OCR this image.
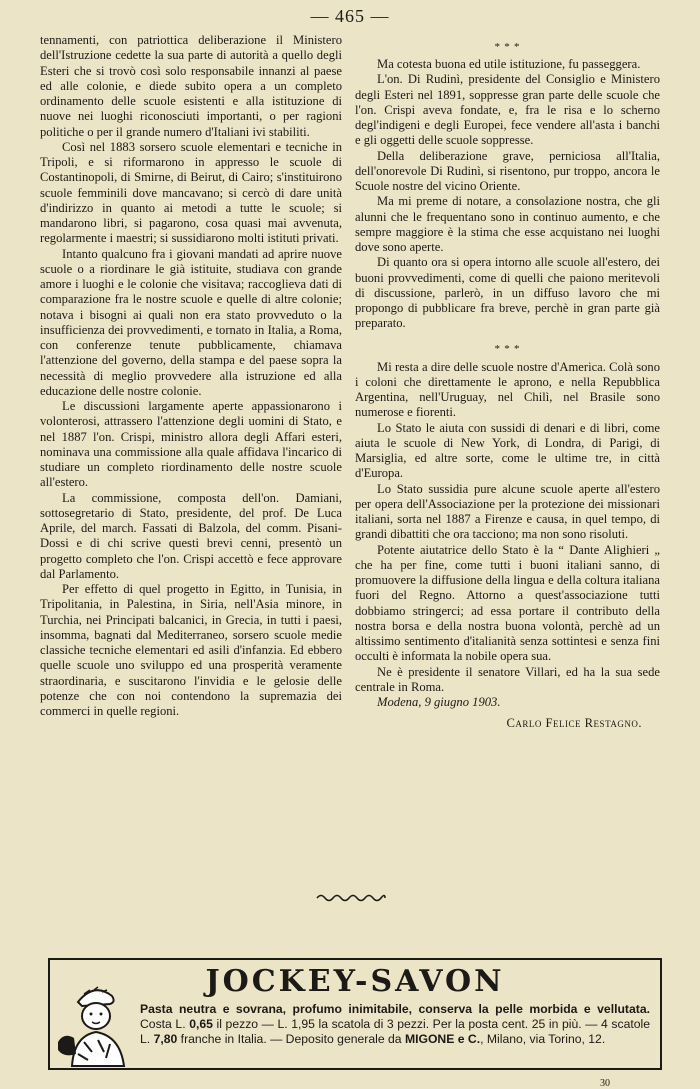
— 465 —

tennamenti, con patriottica deliberazione il Ministero dell'Istruzione cedette la sua parte di autorità a quello degli Esteri che si trovò così solo responsabile innanzi al paese ed alle colonie, e diede subito opera a un completo ordinamento delle scuole esistenti e alla istituzione di nuove nei luoghi riconosciuti importanti, o per ragioni politiche o per il grande numero d'Italiani ivi stabiliti.

Così nel 1883 sorsero scuole elementari e tecniche in Tripoli, e si riformarono in appresso le scuole di Costantinopoli, di Smirne, di Beirut, di Cairo; s'instituirono scuole femminili dove mancavano; si cercò di dare unità d'indirizzo in quanto ai metodi a tutte le scuole; si mandarono libri, si pagarono, cosa quasi mai avvenuta, regolarmente i maestri; si sussidiarono molti istituti privati.

Intanto qualcuno fra i giovani mandati ad aprire nuove scuole o a riordinare le già istituite, studiava con grande amore i luoghi e le colonie che visitava; raccoglieva dati di comparazione fra le nostre scuole e quelle di altre colonie; notava i bisogni ai quali non era stato provveduto o la insufficienza dei provvedimenti, e tornato in Italia, a Roma, con conferenze tenute pubblicamente, chiamava l'attenzione del governo, della stampa e del paese sopra la necessità di meglio provvedere alla istruzione ed alla educazione delle nostre colonie.

Le discussioni largamente aperte appassionarono i volonterosi, attrassero l'attenzione degli uomini di Stato, e nel 1887 l'on. Crispi, ministro allora degli Affari esteri, nominava una commissione alla quale affidava l'incarico di studiare un completo riordinamento delle nostre scuole all'estero.

La commissione, composta dell'on. Damiani, sottosegretario di Stato, presidente, del prof. De Luca Aprile, del march. Fassati di Balzola, del comm. Pisani-Dossi e di chi scrive questi brevi cenni, presentò un progetto completo che l'on. Crispi accettò e fece approvare dal Parlamento.

Per effetto di quel progetto in Egitto, in Tunisia, in Tripolitania, in Palestina, in Siria, nell'Asia minore, in Turchia, nei Principati balcanici, in Grecia, in tutti i paesi, insomma, bagnati dal Mediterraneo, sorsero scuole medie classiche tecniche elementari ed asili d'infanzia. Ed ebbero quelle scuole uno sviluppo ed una prosperità veramente straordinaria, e suscitarono l'invidia e le gelosie delle potenze che con noi contendono la supremazia dei commerci in quelle regioni.

* * *

Ma cotesta buona ed utile istituzione, fu passeggera.

L'on. Di Rudinì, presidente del Consiglio e Ministero degli Esteri nel 1891, soppresse gran parte delle scuole che l'on. Crispi aveva fondate, e, fra le risa e lo scherno degl'indigeni e degli Europei, fece vendere all'asta i banchi e gli oggetti delle scuole soppresse.

Della deliberazione grave, perniciosa all'Italia, dell'onorevole Di Rudinì, si risentono, pur troppo, ancora le Scuole nostre del vicino Oriente.

Ma mi preme di notare, a consolazione nostra, che gli alunni che le frequentano sono in continuo aumento, e che sempre maggiore è la stima che esse acquistano nei luoghi dove sono aperte.

Di quanto ora si opera intorno alle scuole all'estero, dei buoni provvedimenti, come di quelli che paiono meritevoli di discussione, parlerò, in un diffuso lavoro che mi propongo di pubblicare fra breve, perchè in gran parte già preparato.

* * *

Mi resta a dire delle scuole nostre d'America. Colà sono i coloni che direttamente le aprono, e nella Repubblica Argentina, nell'Uruguay, nel Chilì, nel Brasile sono numerose e fiorenti.

Lo Stato le aiuta con sussidi di denari e di libri, come aiuta le scuole di New York, di Londra, di Parigi, di Marsiglia, ed altre sorte, come le ultime tre, in città d'Europa.

Lo Stato sussidia pure alcune scuole aperte all'estero per opera dell'Associazione per la protezione dei missionari italiani, sorta nel 1887 a Firenze e causa, in quel tempo, di grandi dibattiti che ora tacciono; ma non sono risoluti.

Potente aiutatrice dello Stato è la “ Dante Alighieri „ che ha per fine, come tutti i buoni italiani sanno, di promuovere la diffusione della lingua e della coltura italiana fuori del Regno. Attorno a quest'associazione tutti dobbiamo stringerci; ad essa portare il contributo della nostra borsa e della nostra buona volontà, perchè ad un altissimo sentimento d'italianità senza sottintesi e senza fini occulti è informata la nobile opera sua.

Ne è presidente il senatore Villari, ed ha la sua sede centrale in Roma.

Modena, 9 giugno 1903.

Carlo Felice Restagno.
JOCKEY-SAVON
Pasta neutra e sovrana, profumo inimitabile, conserva la pelle morbida e vellutata. Costa L. 0,65 il pezzo — L. 1,95 la scatola di 3 pezzi. Per la posta cent. 25 in più. — 4 scatole L. 7,80 franche in Italia. — Deposito generale da MIGONE e C., Milano, via Torino, 12.
30
